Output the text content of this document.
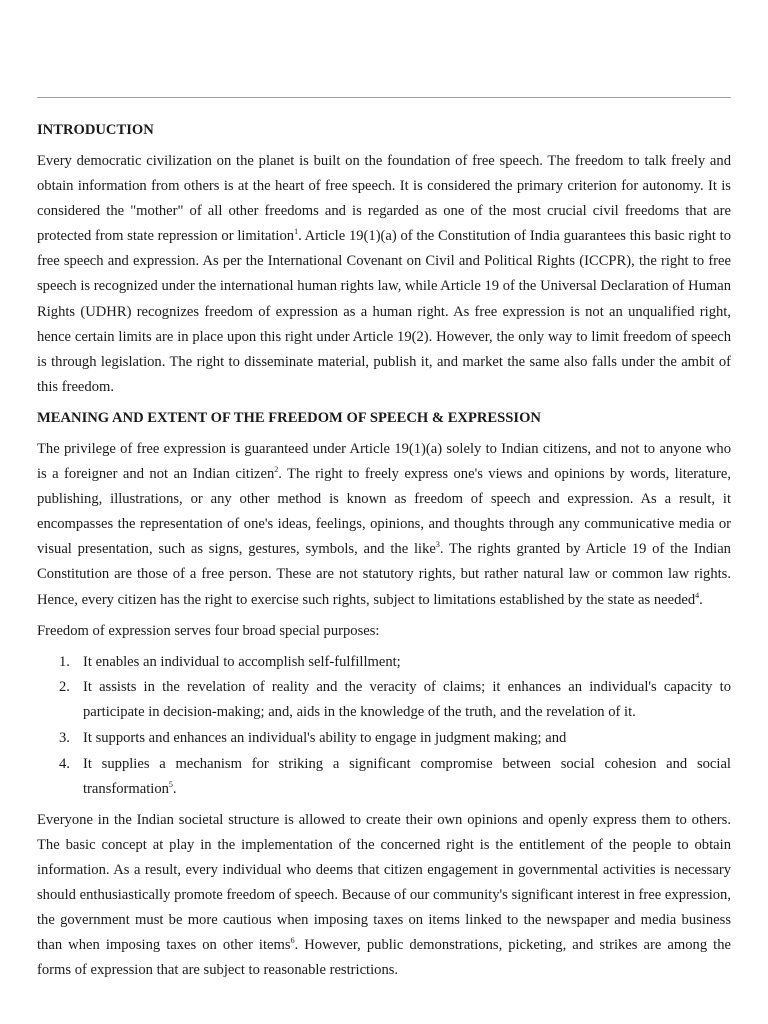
INTRODUCTION

Every democratic civilization on the planet is built on the foundation of free speech. The freedom to talk freely and obtain information from others is at the heart of free speech. It is considered the primary criterion for autonomy. It is considered the "mother" of all other freedoms and is regarded as one of the most crucial civil freedoms that are protected from state repression or limitation$^1$. Article 19(1)(a) of the Constitution of India guarantees this basic right to free speech and expression. As per the International Covenant on Civil and Political Rights (ICCPR), the right to free speech is recognized under the international human rights law, while Article 19 of the Universal Declaration of Human Rights (UDHR) recognizes freedom of expression as a human right. As free expression is not an unqualified right, hence certain limits are in place upon this right under Article 19(2). However, the only way to limit freedom of speech is through legislation. The right to disseminate material, publish it, and market the same also falls under the ambit of this freedom.

MEANING AND EXTENT OF THE FREEDOM OF SPEECH & EXPRESSION

The privilege of free expression is guaranteed under Article 19(1)(a) solely to Indian citizens, and not to anyone who is a foreigner and not an Indian citizen$^2$. The right to freely express one's views and opinions by words, literature, publishing, illustrations, or any other method is known as freedom of speech and expression. As a result, it encompasses the representation of one's ideas, feelings, opinions, and thoughts through any communicative media or visual presentation, such as signs, gestures, symbols, and the like$^3$. The rights granted by Article 19 of the Indian Constitution are those of a free person. These are not statutory rights, but rather natural law or common law rights. Hence, every citizen has the right to exercise such rights, subject to limitations established by the state as needed$^4$.

Freedom of expression serves four broad special purposes:

1. It enables an individual to accomplish self-fulfillment;
2. It assists in the revelation of reality and the veracity of claims; it enhances an individual's capacity to participate in decision-making; and, aids in the knowledge of the truth, and the revelation of it.
3. It supports and enhances an individual's ability to engage in judgment making; and
4. It supplies a mechanism for striking a significant compromise between social cohesion and social transformation$^5$.

Everyone in the Indian societal structure is allowed to create their own opinions and openly express them to others. The basic concept at play in the implementation of the concerned right is the entitlement of the people to obtain information. As a result, every individual who deems that citizen engagement in governmental activities is necessary should enthusiastically promote freedom of speech. Because of our community's significant interest in free expression, the government must be more cautious when imposing taxes on items linked to the newspaper and media business than when imposing taxes on other items$^6$. However, public demonstrations, picketing, and strikes are among the forms of expression that are subject to reasonable restrictions.
